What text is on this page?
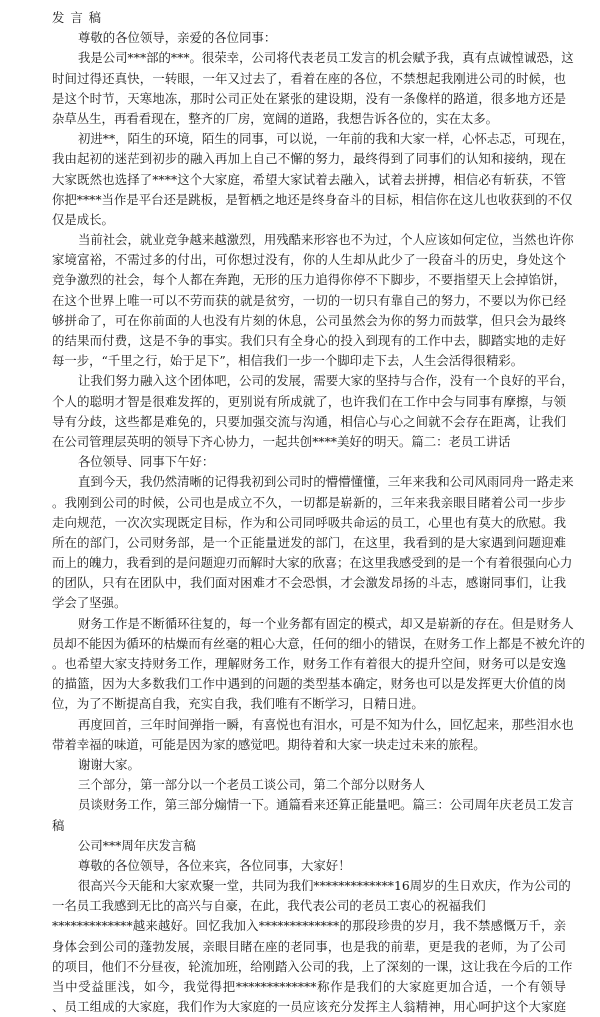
发 言 稿
尊敬的各位领导，亲爱的各位同事：
我是公司***部的***。很荣幸，公司将代表老员工发言的机会赋予我，真有点诚惶诚恐，这
时间过得还真快，一转眼，一年又过去了，看着在座的各位，不禁想起我刚进公司的时候，也
是这个时节，天寒地冻，那时公司正处在紧张的建设期，没有一条像样的路道，很多地方还是
杂草丛生，再看看现在，整齐的厂房，宽阔的道路，我想告诉各位的，实在太多。
初进**，陌生的环境，陌生的同事，可以说，一年前的我和大家一样，心怀忐忑，可现在，
我由起初的迷茫到初步的融入再加上自己不懈的努力，最终得到了同事们的认知和接纳，现在
大家既然也选择了****这个大家庭，希望大家试着去融入，试着去拼搏，相信必有斩获，不管
你把****当作是平台还是跳板，是暂栖之地还是终身奋斗的目标，相信你在这儿也收获到的不仅
仅是成长。
当前社会，就业竞争越来越激烈，用残酷来形容也不为过，个人应该如何定位，当然也许你
家境富裕，不需过多的付出，可你想过没有，你的人生却从此少了一段奋斗的历史，身处这个
竞争激烈的社会，每个人都在奔跑，无形的压力追得你停不下脚步，不要指望天上会掉馅饼，
在这个世界上唯一可以不劳而获的就是贫穷，一切的一切只有靠自己的努力，不要以为你已经
够拼命了，可在你前面的人也没有片刻的休息，公司虽然会为你的努力而鼓掌，但只会为最终
的结果而付费，这是不争的事实。我们只有全身心的投入到现有的工作中去，脚踏实地的走好
每一步，“千里之行，始于足下”，相信我们一步一个脚印走下去，人生会活得很精彩。
让我们努力融入这个团体吧，公司的发展，需要大家的坚持与合作，没有一个良好的平台，
个人的聪明才智是很难发挥的，更别说有所成就了，也许我们在工作中会与同事有摩擦，与领
导有分歧，这些都是难免的，只要加强交流与沟通，相信心与心之间就不会存在距离，让我们
在公司管理层英明的领导下齐心协力，一起共创****美好的明天。篇二：老员工讲话
各位领导、同事下午好：
直到今天，我仍然清晰的记得我初到公司时的懵懵懂懂，三年来我和公司风雨同舟一路走来
。我刚到公司的时候，公司也是成立不久，一切都是崭新的，三年来我亲眼目睹着公司一步步
走向规范，一次次实现既定目标，作为和公司同呼吸共命运的员工，心里也有莫大的欣慰。我
所在的部门，公司财务部，是一个正能量迸发的部门，在这里，我看到的是大家遇到问题迎难
而上的魄力，我看到的是问题迎刃而解时大家的欣喜；在这里我感受到的是一个有着很强向心力
的团队，只有在团队中，我们面对困难才不会恐惧，才会激发昂扬的斗志，感谢同事们，让我
学会了坚强。
财务工作是不断循环往复的，每一个业务都有固定的模式，却又是崭新的存在。但是财务人
员却不能因为循环的枯燥而有丝毫的粗心大意，任何的细小的错误，在财务工作上都是不被允许的
。也希望大家支持财务工作，理解财务工作，财务工作有着很大的提升空间，财务可以是安逸
的描篮，因为大多数我们工作中遇到的问题的类型基本确定，财务也可以是发挥更大价值的岗
位，为了不断提高自我，充实自我，我们唯有不断学习，日精日进。
再度回首，三年时间弹指一瞬，有喜悦也有泪水，可是不知为什么，回忆起来，那些泪水也
带着幸福的味道，可能是因为家的感觉吧。期待着和大家一块走过未来的旅程。
谢谢大家。
三个部分，第一部分以一个老员工谈公司，第二个部分以财务人
员谈财务工作，第三部分煽情一下。通篇看来还算正能量吧。篇三：公司周年庆老员工发言
稿
公司***周年庆发言稿
尊敬的各位领导，各位来宾，各位同事，大家好！
很高兴今天能和大家欢聚一堂，共同为我们*************16周岁的生日欢庆，作为公司的
一名员工我感到无比的高兴与自豪，在此，我代表公司的老员工衷心的祝福我们
*************越来越好。回忆我加入*************的那段珍贵的岁月，我不禁感慨万千，亲
身体会到公司的蓬勃发展，亲眼目睹在座的老同事，也是我的前辈，更是我的老师，为了公司
的项目，他们不分昼夜，轮流加班，给刚踏入公司的我，上了深刻的一课，这让我在今后的工作
当中受益匪浅，如今，我觉得把*************称作是我们的大家庭更加合适，一个有领导
、员工组成的大家庭，我们作为大家庭的一员应该充分发挥主人翁精神，用心呵护这个大家庭
